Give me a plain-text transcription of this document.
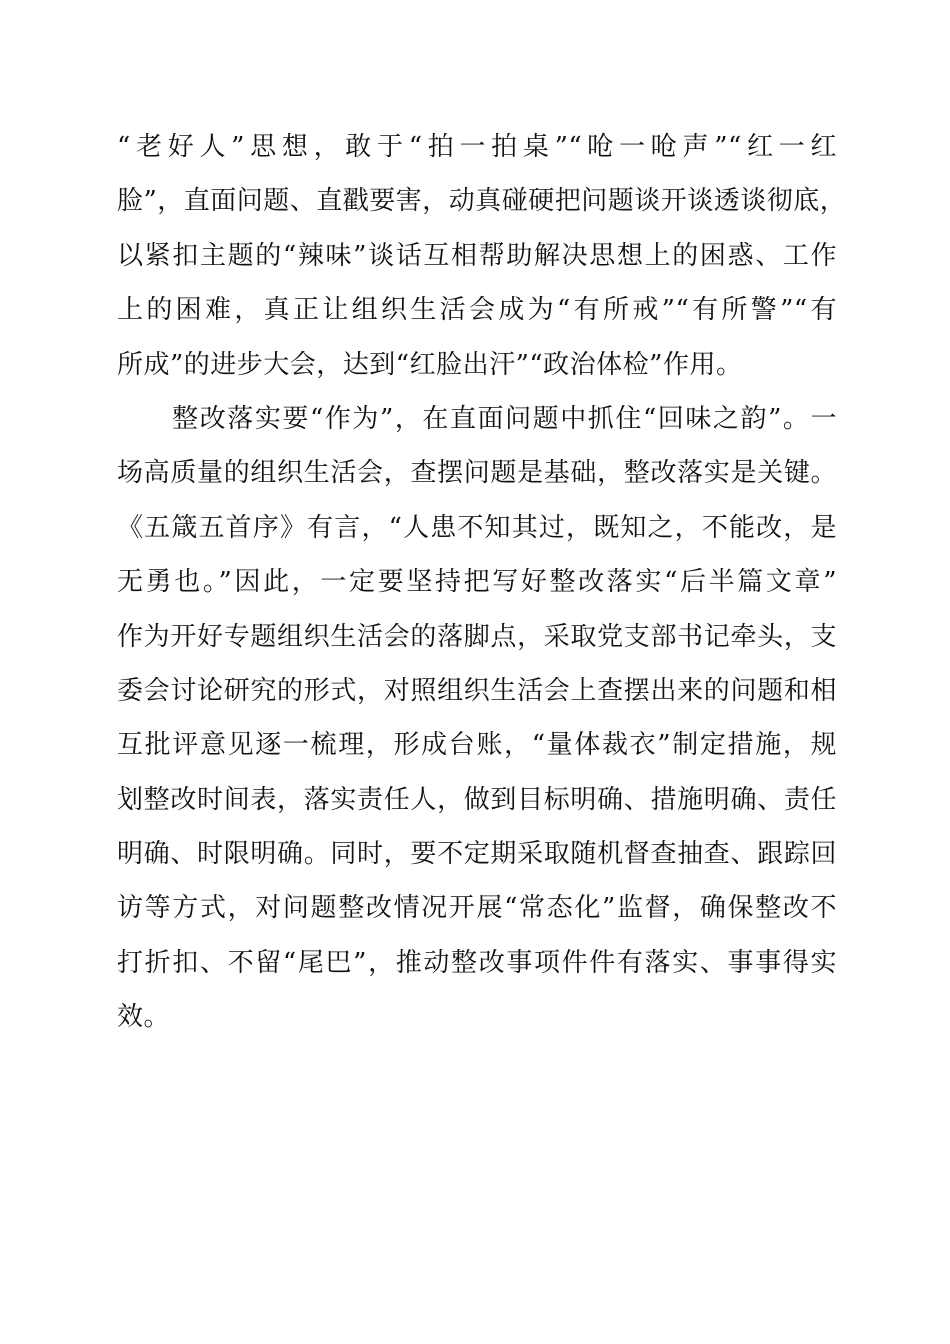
“老好人”思想，敢于“拍一拍桌”“呛一呛声”“红一红
脸”，直面问题、直戳要害，动真碰硬把问题谈开谈透谈彻底，
以紧扣主题的“辣味”谈话互相帮助解决思想上的困惑、工作
上的困难，真正让组织生活会成为“有所戒”“有所警”“有
所成”的进步大会，达到“红脸出汗”“政治体检”作用。
　　整改落实要“作为”，在直面问题中抓住“回味之韵”。一
场高质量的组织生活会，查摆问题是基础，整改落实是关键。
《五箴五首序》有言，“人患不知其过，既知之，不能改，是
无勇也。”因此，一定要坚持把写好整改落实“后半篇文章”
作为开好专题组织生活会的落脚点，采取党支部书记牵头，支
委会讨论研究的形式，对照组织生活会上查摆出来的问题和相
互批评意见逐一梳理，形成台账，“量体裁衣”制定措施，规
划整改时间表，落实责任人，做到目标明确、措施明确、责任
明确、时限明确。同时，要不定期采取随机督查抽查、跟踪回
访等方式，对问题整改情况开展“常态化”监督，确保整改不
打折扣、不留“尾巴”，推动整改事项件件有落实、事事得实
效。
